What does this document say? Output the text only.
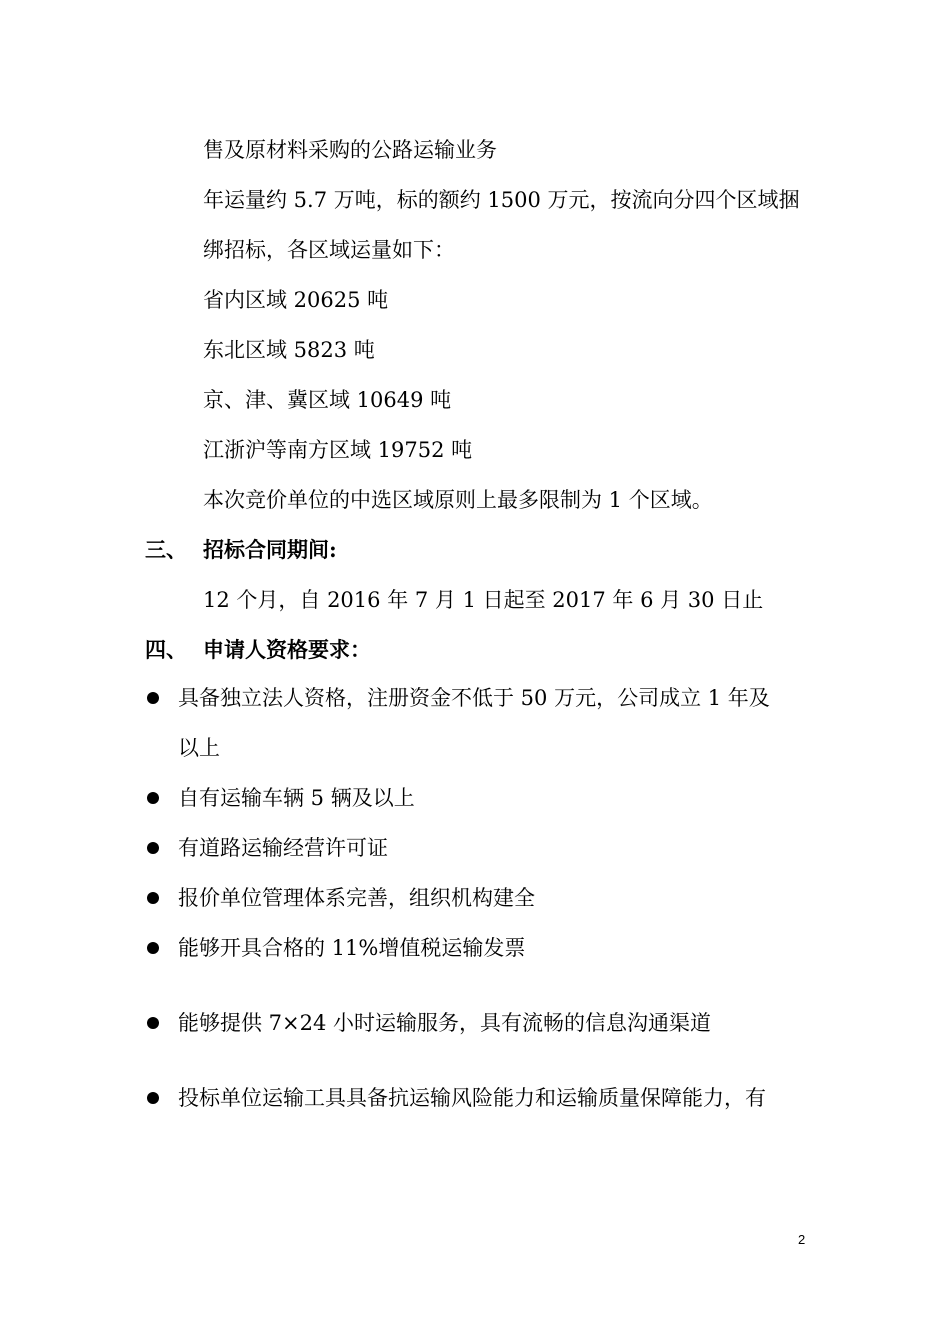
售及原材料采购的公路运输业务
年运量约 5.7 万吨，标的额约 1500 万元，按流向分四个区域捆
绑招标，各区域运量如下：
省内区域 20625 吨
东北区域 5823 吨
京、津、冀区域 10649 吨
江浙沪等南方区域 19752 吨
本次竞价单位的中选区域原则上最多限制为 1 个区域。
三、 招标合同期间:
12 个月，自 2016 年 7 月 1 日起至 2017 年 6 月 30 日止
四、 申请人资格要求：
具备独立法人资格，注册资金不低于 50 万元，公司成立 1 年及
以上
自有运输车辆 5 辆及以上
有道路运输经营许可证
报价单位管理体系完善，组织机构建全
能够开具合格的 11%增值税运输发票
能够提供 7×24 小时运输服务，具有流畅的信息沟通渠道
投标单位运输工具具备抗运输风险能力和运输质量保障能力，有
2
